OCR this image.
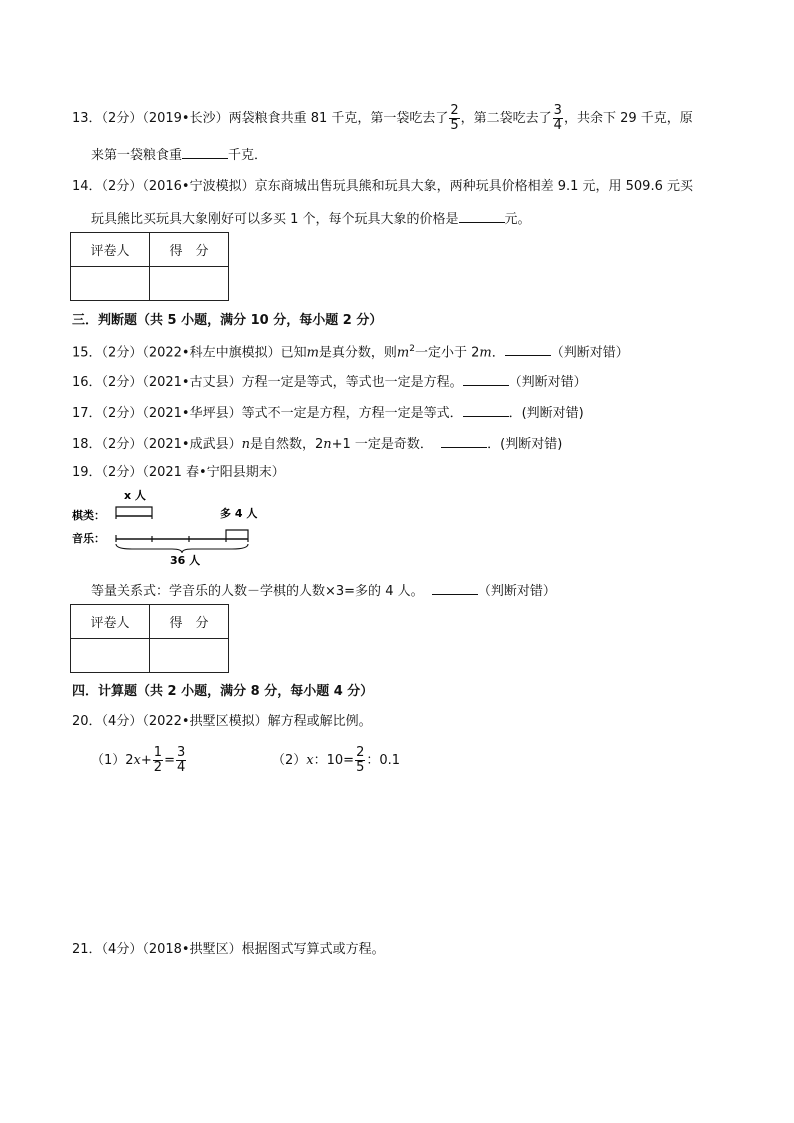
13．（2分）（2019•长沙）两袋粮食共重 81 千克，第一袋吃去了 $\frac{2}{5}$ ，第二袋吃去了 $\frac{3}{4}$ ，共余下 29 千克，原
来第一袋粮食重	千克．
14．（2分）（2016•宁波模拟）京东商城出售玩具熊和玩具大象，两种玩具价格相差 9.1 元，用 509.6 元买
玩具熊比买玩具大象刚好可以多买 1 个，每个玩具大象的价格是	元。
评卷人	得　分

三．判断题（共 5 小题，满分 10 分，每小题 2 分）
15．（2分）（2022•科左中旗模拟）已知m是真分数，则$m^2$一定小于 2m．	（判断对错）
16．（2分）（2021•古丈县）方程一定是等式，等式也一定是方程。	（判断对错）
17．（2分）（2021•华坪县）等式不一定是方程，方程一定是等式．	．(判断对错)
18．（2分）（2021•成武县）n是自然数，2n+1 一定是奇数．	．(判断对错)
19．（2分）（2021 春•宁阳县期末）
x 人
棋类：	多 4 人
音乐：
36 人
等量关系式：学音乐的人数－学棋的人数×3=多的 4 人。	（判断对错）
评卷人	得　分

四．计算题（共 2 小题，满分 8 分，每小题 4 分）
20．（4分）（2022•拱墅区模拟）解方程或解比例。
$(1)2x+ \frac{1}{2} = \frac{3}{4}$	（2）x：$10= \frac{2}{5}$ ：0.1
21．（4分）（2018•拱墅区）根据图式写算式或方程。
